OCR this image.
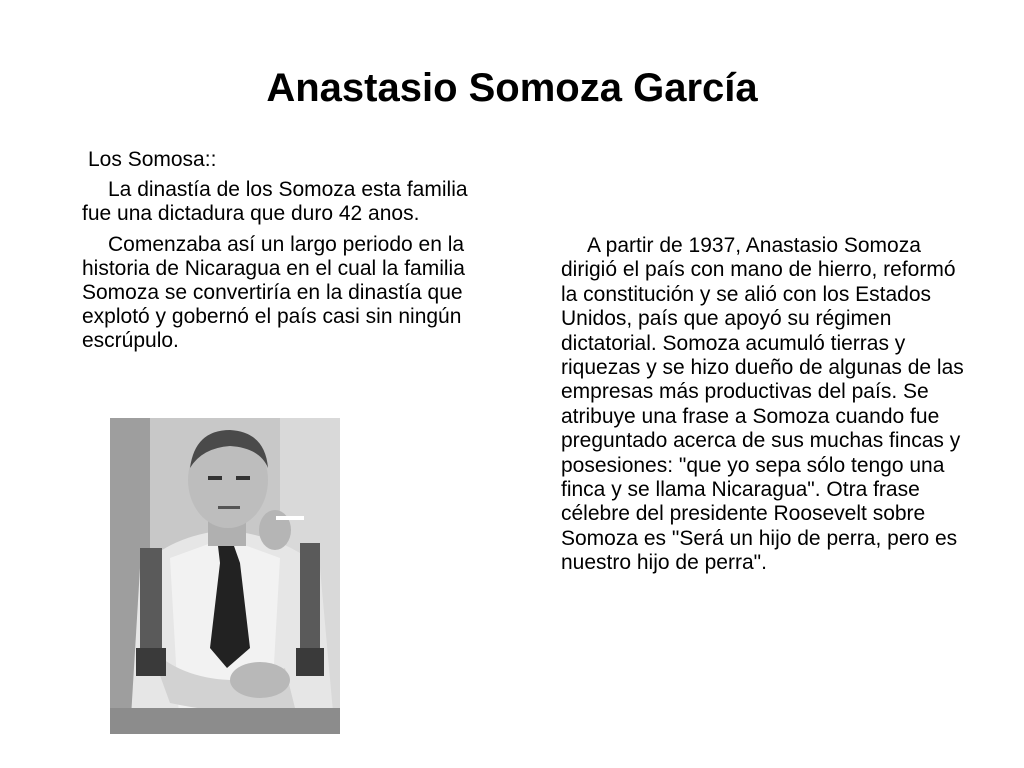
Anastasio Somoza García

Los Somosa::

La dinastía de los Somoza esta familia fue una dictadura que duro 42 anos.

Comenzaba así un largo periodo en la historia de Nicaragua en el cual la familia Somoza se convertiría en la dinastía que explotó y gobernó el país casi sin ningún escrúpulo.

A partir de 1937, Anastasio Somoza dirigió el país con mano de hierro, reformó la constitución y se alió con los Estados Unidos, país que apoyó su régimen dictatorial. Somoza acumuló tierras y riquezas y se hizo dueño de algunas de las empresas más productivas del país. Se atribuye una frase a Somoza cuando fue preguntado acerca de sus muchas fincas y posesiones: "que yo sepa sólo tengo una finca y se llama Nicaragua". Otra frase célebre del presidente Roosevelt sobre Somoza es "Será un hijo de perra, pero es nuestro hijo de perra".
